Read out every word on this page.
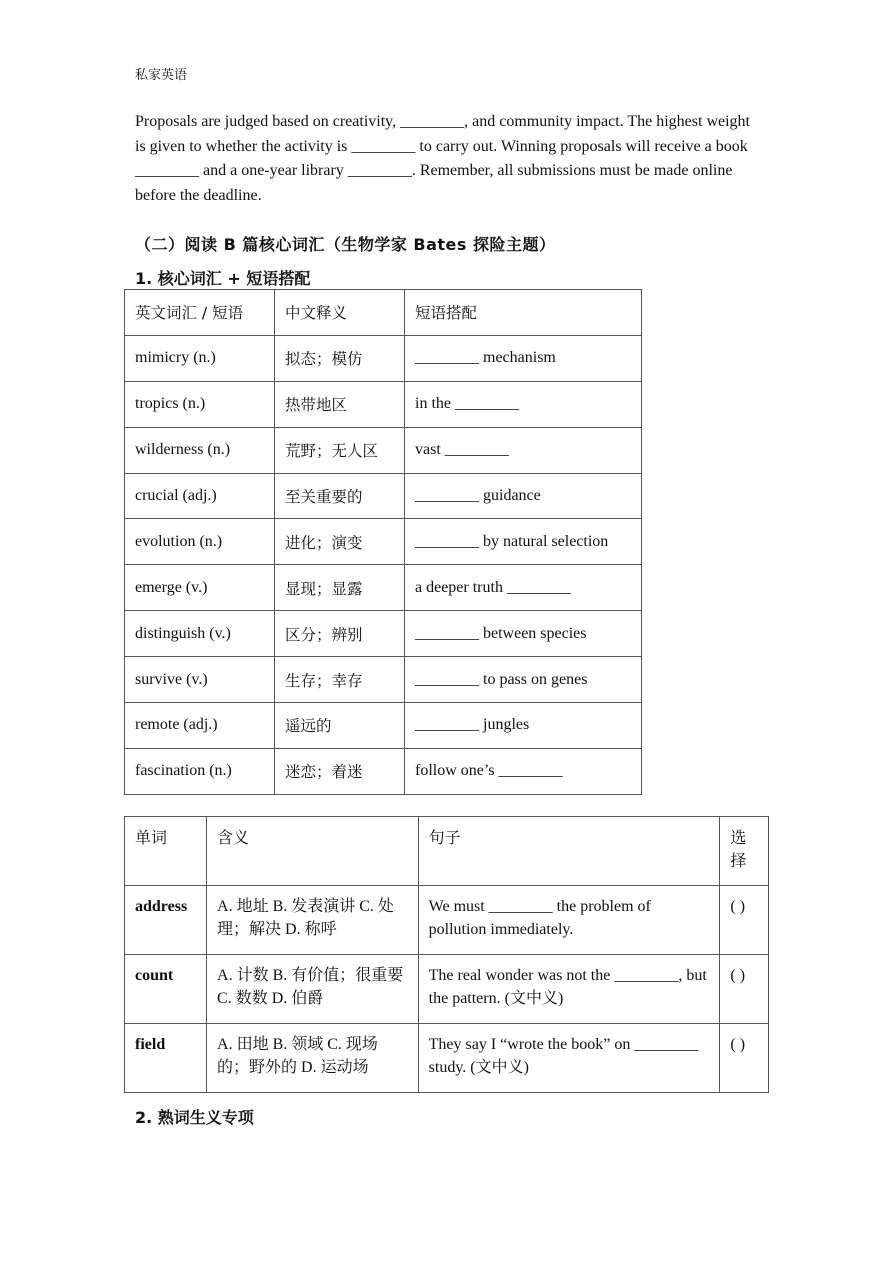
私家英语
Proposals are judged based on creativity, ________, and community impact. The highest weight is given to whether the activity is ________ to carry out. Winning proposals will receive a book ________ and a one-year library ________. Remember, all submissions must be made online before the deadline.
（二）阅读 B 篇核心词汇（生物学家 Bates 探险主题）
1. 核心词汇 + 短语搭配
英文词汇 / 短语	中文释义	短语搭配
mimicry (n.)	拟态；模仿	________ mechanism
tropics (n.)	热带地区	in the ________
wilderness (n.)	荒野；无人区	vast ________
crucial (adj.)	至关重要的	________ guidance
evolution (n.)	进化；演变	________ by natural selection
emerge (v.)	显现；显露	a deeper truth ________
distinguish (v.)	区分；辨别	________ between species
survive (v.)	生存；幸存	________ to pass on genes
remote (adj.)	遥远的	________ jungles
fascination (n.)	迷恋；着迷	follow one’s ________
单词	含义	句子	选择
address	A. 地址 B. 发表演讲 C. 处理；解决 D. 称呼	We must ________ the problem of pollution immediately.	( )
count	A. 计数 B. 有价值；很重要 C. 数数 D. 伯爵	The real wonder was not the ________, but the pattern. (文中义)	( )
field	A. 田地 B. 领域 C. 现场的；野外的 D. 运动场	They say I “wrote the book” on ________ study. (文中义)	( )
2. 熟词生义专项
